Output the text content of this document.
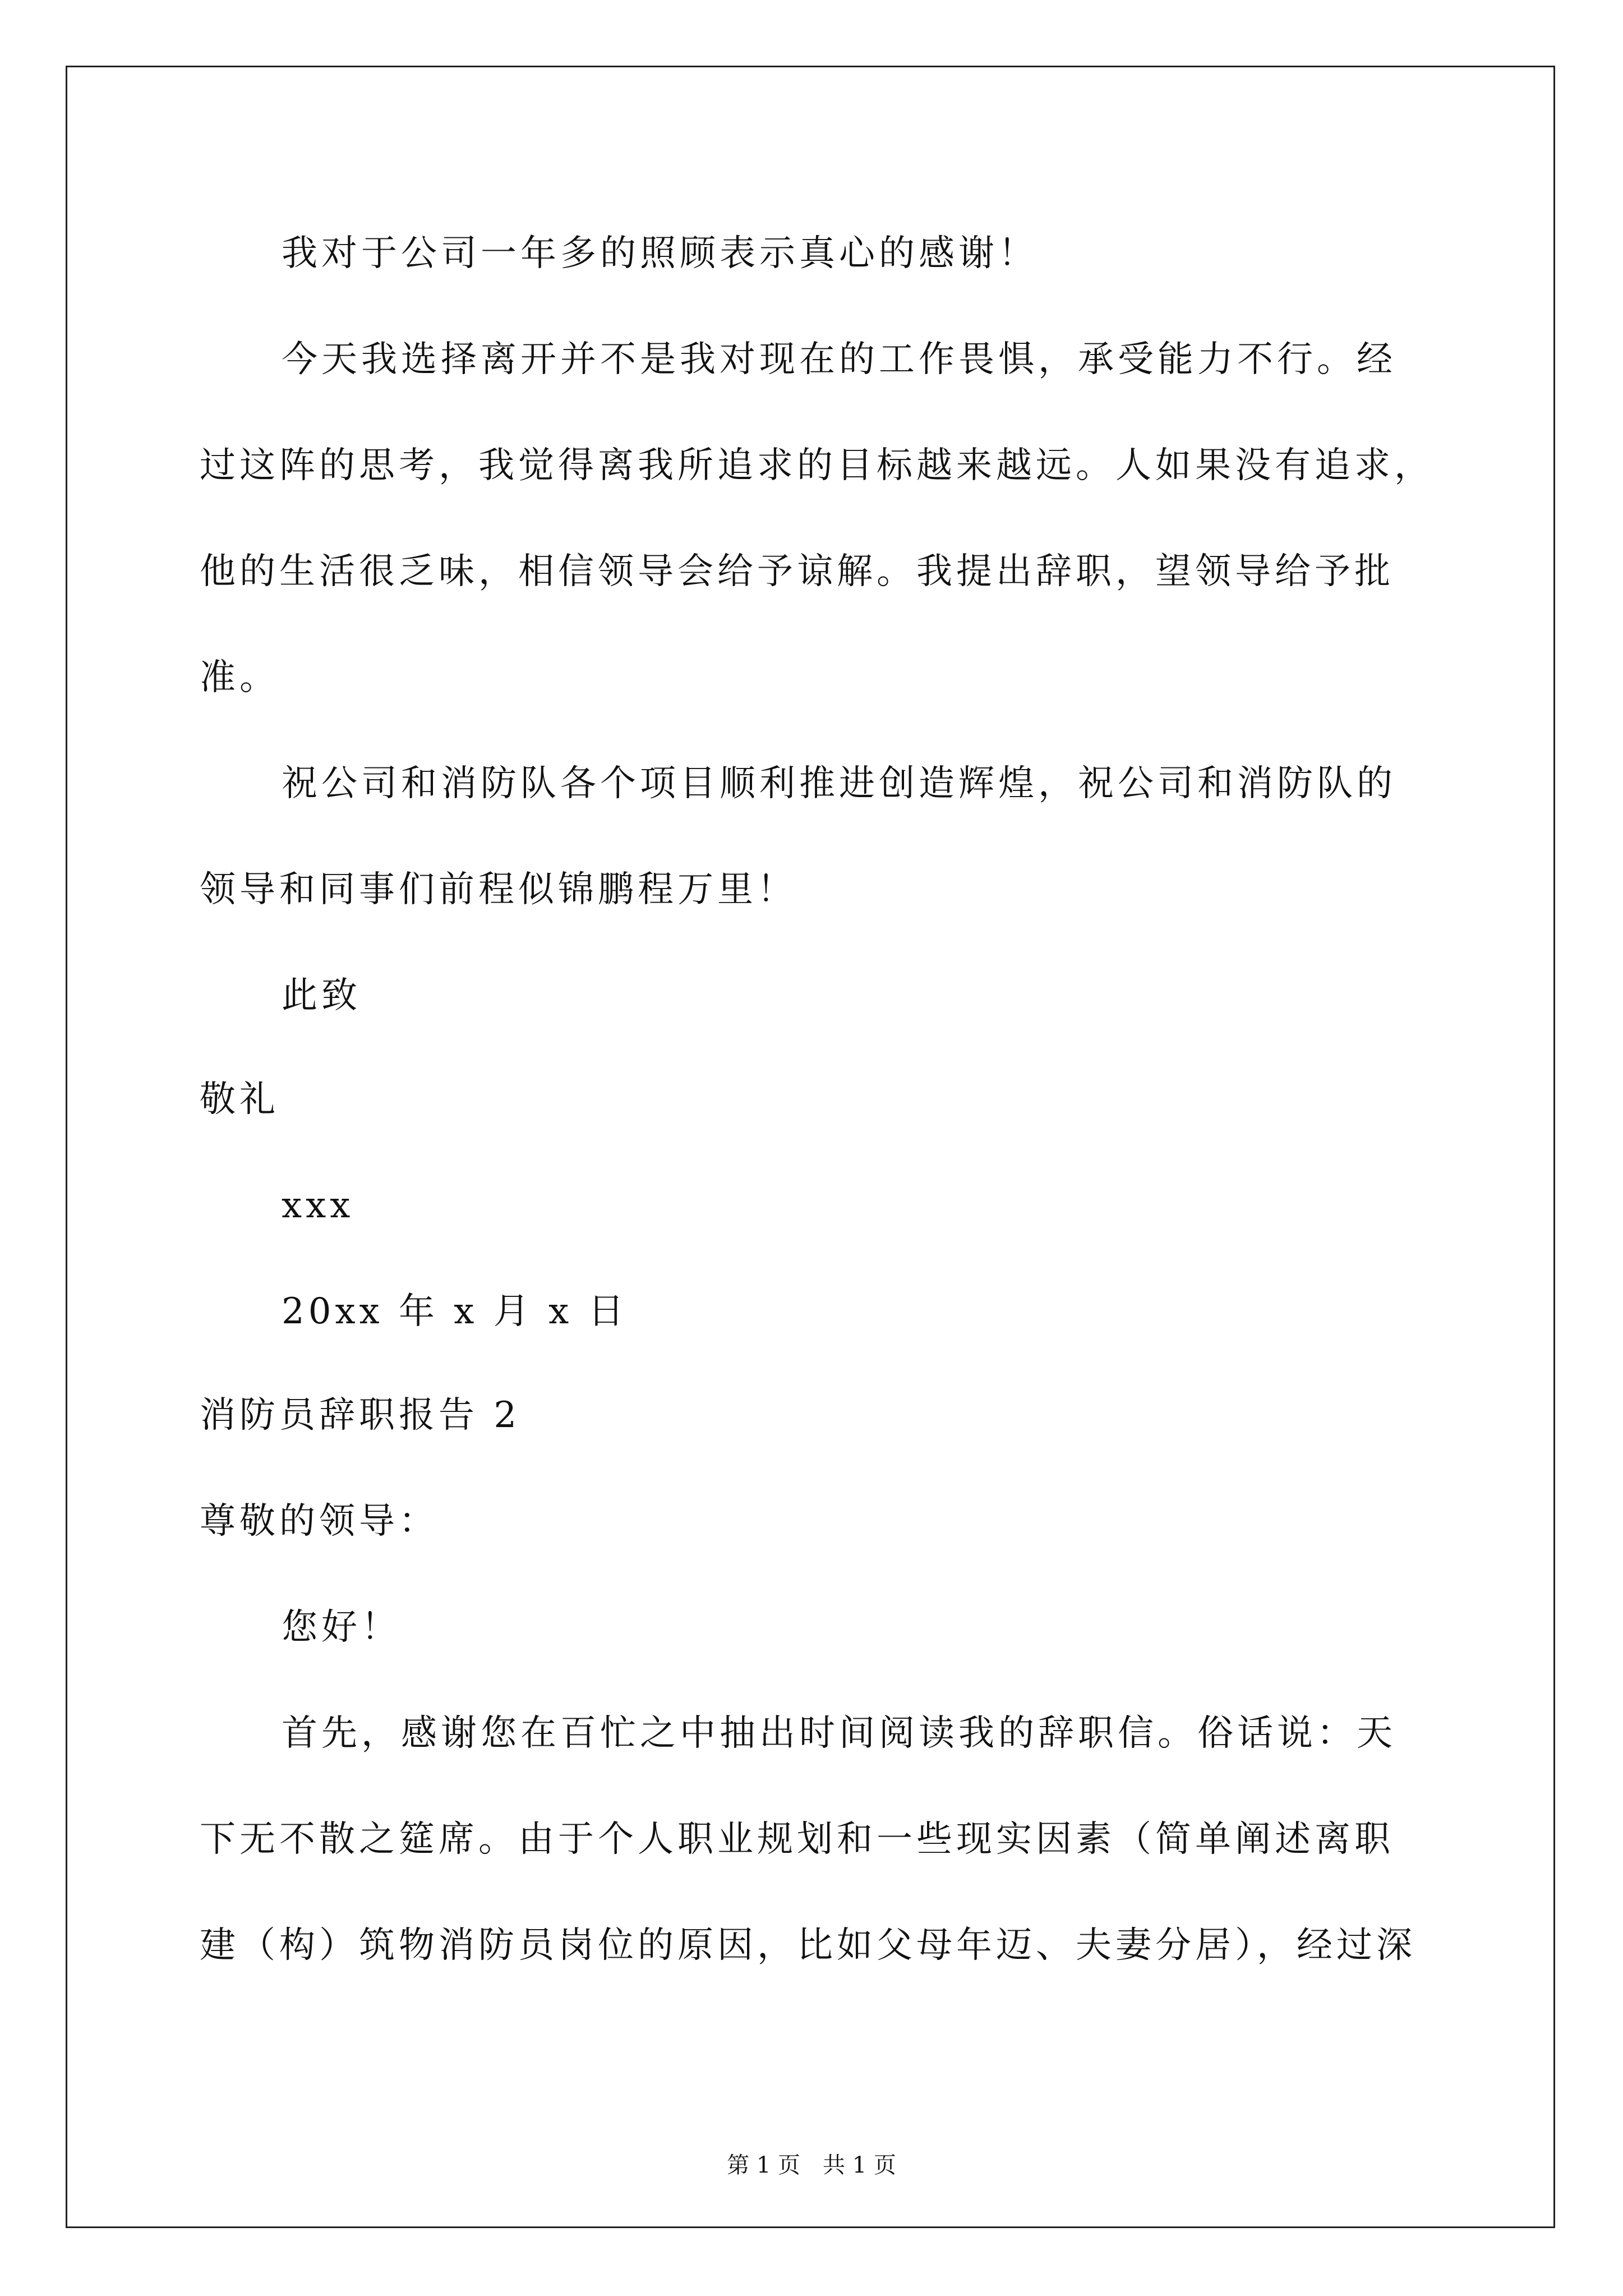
我对于公司一年多的照顾表示真心的感谢！
今天我选择离开并不是我对现在的工作畏惧，承受能力不行。经
过这阵的思考，我觉得离我所追求的目标越来越远。人如果没有追求，
他的生活很乏味，相信领导会给予谅解。我提出辞职，望领导给予批
准。
祝公司和消防队各个项目顺利推进创造辉煌，祝公司和消防队的
领导和同事们前程似锦鹏程万里！
此致
敬礼
xxx
20xx 年 x 月 x 日
消防员辞职报告 2
尊敬的领导：
您好！
首先，感谢您在百忙之中抽出时间阅读我的辞职信。俗话说：天
下无不散之筵席。由于个人职业规划和一些现实因素（简单阐述离职
建（构）筑物消防员岗位的原因，比如父母年迈、夫妻分居），经过深
第 1 页　共 1 页
